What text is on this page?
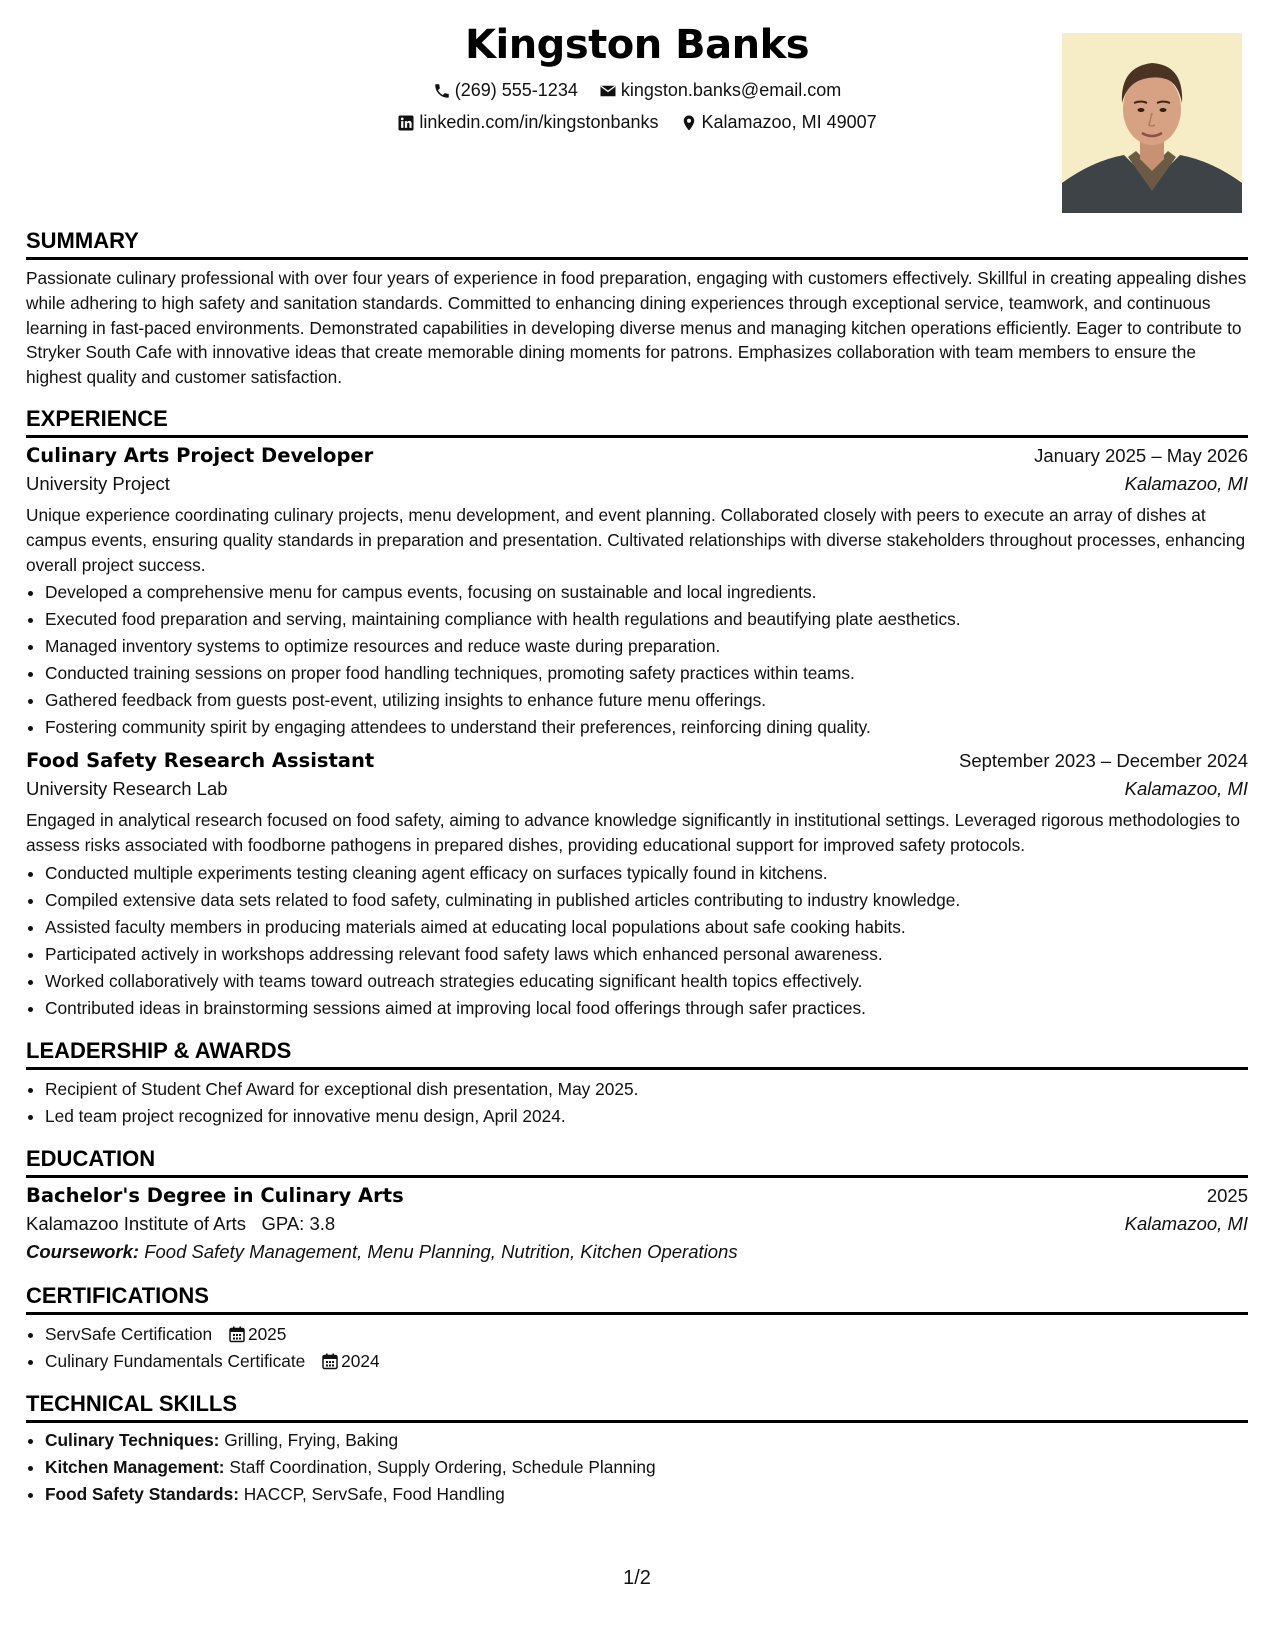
Kingston Banks
(269) 555-1234
kingston.banks@email.com
linkedin.com/in/kingstonbanks
Kalamazoo, MI 49007
SUMMARY

Passionate culinary professional with over four years of experience in food preparation, engaging with customers effectively. Skillful in creating appealing dishes while adhering to high safety and sanitation standards. Committed to enhancing dining experiences through exceptional service, teamwork, and continuous learning in fast-paced environments. Demonstrated capabilities in developing diverse menus and managing kitchen operations efficiently. Eager to contribute to Stryker South Cafe with innovative ideas that create memorable dining moments for patrons. Emphasizes collaboration with team members to ensure the highest quality and customer satisfaction.

EXPERIENCE
Culinary Arts Project Developer	January 2025 – May 2026
University Project	Kalamazoo, MI

Unique experience coordinating culinary projects, menu development, and event planning. Collaborated closely with peers to execute an array of dishes at campus events, ensuring quality standards in preparation and presentation. Cultivated relationships with diverse stakeholders throughout processes, enhancing overall project success.

• Developed a comprehensive menu for campus events, focusing on sustainable and local ingredients.
• Executed food preparation and serving, maintaining compliance with health regulations and beautifying plate aesthetics.
• Managed inventory systems to optimize resources and reduce waste during preparation.
• Conducted training sessions on proper food handling techniques, promoting safety practices within teams.
• Gathered feedback from guests post-event, utilizing insights to enhance future menu offerings.
• Fostering community spirit by engaging attendees to understand their preferences, reinforcing dining quality.
Food Safety Research Assistant	September 2023 – December 2024
University Research Lab	Kalamazoo, MI

Engaged in analytical research focused on food safety, aiming to advance knowledge significantly in institutional settings. Leveraged rigorous methodologies to assess risks associated with foodborne pathogens in prepared dishes, providing educational support for improved safety protocols.

• Conducted multiple experiments testing cleaning agent efficacy on surfaces typically found in kitchens.
• Compiled extensive data sets related to food safety, culminating in published articles contributing to industry knowledge.
• Assisted faculty members in producing materials aimed at educating local populations about safe cooking habits.
• Participated actively in workshops addressing relevant food safety laws which enhanced personal awareness.
• Worked collaboratively with teams toward outreach strategies educating significant health topics effectively.
• Contributed ideas in brainstorming sessions aimed at improving local food offerings through safer practices.
LEADERSHIP & AWARDS
• Recipient of Student Chef Award for exceptional dish presentation, May 2025.
• Led team project recognized for innovative menu design, April 2024.
EDUCATION
Bachelor's Degree in Culinary Arts	2025
Kalamazoo Institute of Arts GPA: 3.8	Kalamazoo, MI
Coursework: Food Safety Management, Menu Planning, Nutrition, Kitchen Operations
CERTIFICATIONS
• ServSafe Certification 2025
• Culinary Fundamentals Certificate 2024
TECHNICAL SKILLS
• Culinary Techniques: Grilling, Frying, Baking
• Kitchen Management: Staff Coordination, Supply Ordering, Schedule Planning
• Food Safety Standards: HACCP, ServSafe, Food Handling
1/2
